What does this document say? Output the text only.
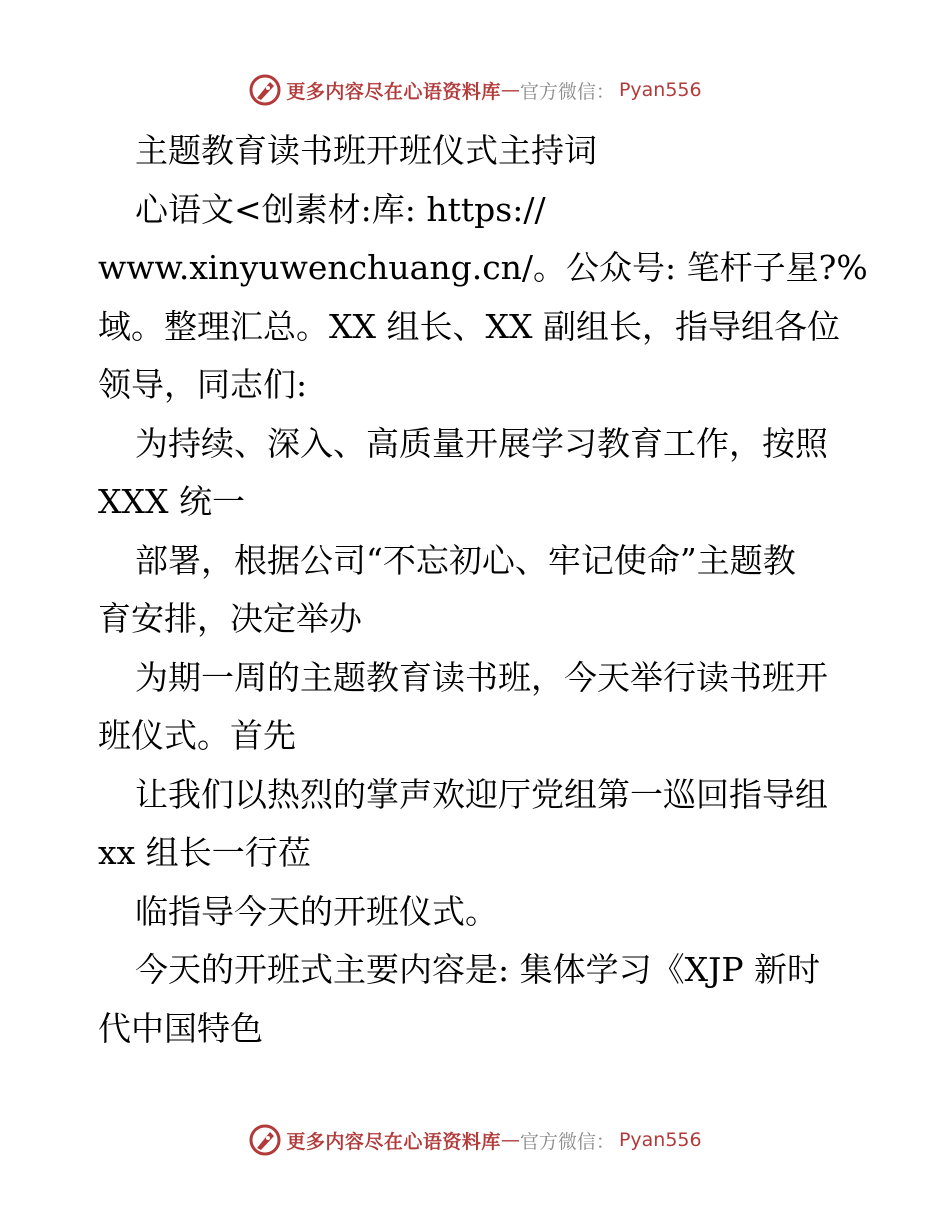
更多内容尽在心语资料库 — 官方微信： Pyan556
主题教育读书班开班仪式主持词
心语文<创素材:库: https://
www.xinyuwenchuang.cn/。公众号: 笔杆子星?%
域。整理汇总。XX 组长、XX 副组长，指导组各位
领导，同志们:
为持续、深入、高质量开展学习教育工作，按照
XXX 统一
部署，根据公司“不忘初心、牢记使命”主题教
育安排，决定举办
为期一周的主题教育读书班，今天举行读书班开
班仪式。首先
让我们以热烈的掌声欢迎厅党组第一巡回指导组
xx 组长一行莅
临指导今天的开班仪式。
今天的开班式主要内容是: 集体学习《XJP 新时
代中国特色
更多内容尽在心语资料库 — 官方微信： Pyan556
